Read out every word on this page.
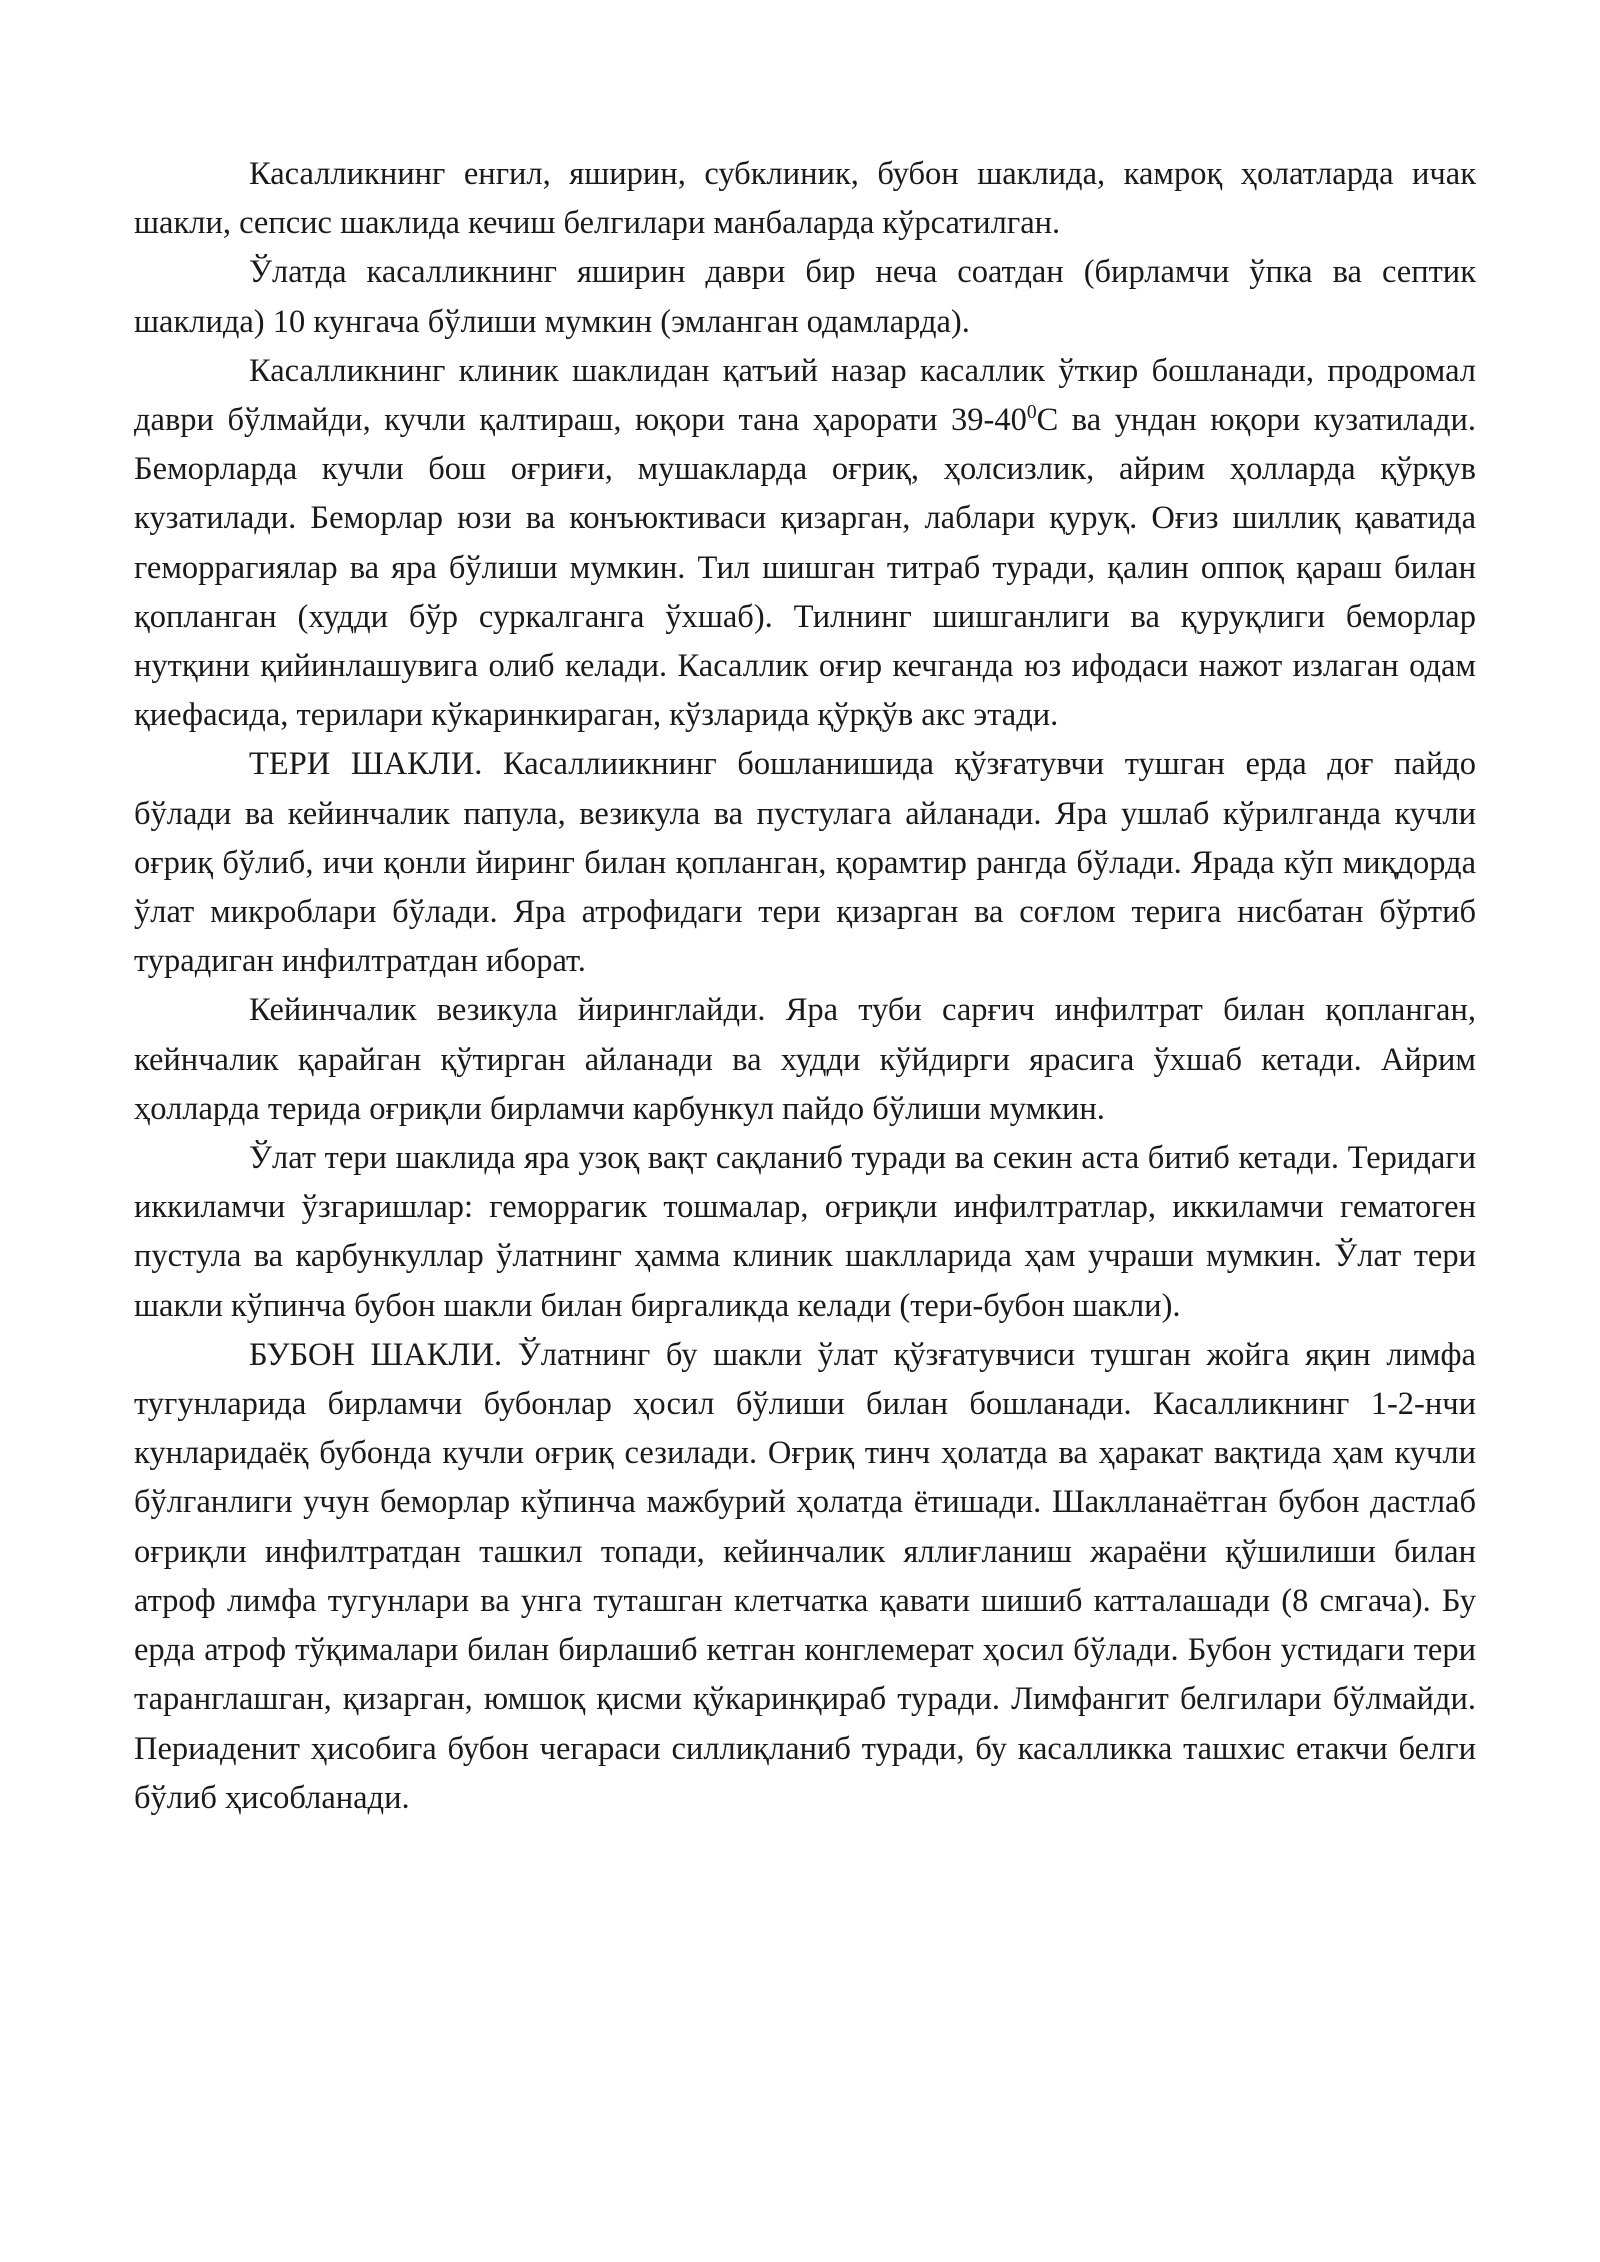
Касалликнинг енгил, яширин, субклиник, бубон шаклида, камроқ ҳолатларда ичак шакли, сепсис шаклида кечиш белгилари манбаларда кўрсатилган.

Ўлатда касалликнинг яширин даври бир неча соатдан (бирламчи ўпка ва септик шаклида) 10 кунгача бўлиши мумкин (эмланган одамларда).

Касалликнинг клиник шаклидан қатъий назар касаллик ўткир бошланади, продромал даври бўлмайди, кучли қалтираш, юқори тана ҳарорати $39-40^0С$ ва ундан юқори кузатилади. Беморларда кучли бош оғриғи, мушакларда оғриқ, ҳолсизлик, айрим ҳолларда қўрқув кузатилади. Беморлар юзи ва конъюктиваси қизарган, лаблари қуруқ. Оғиз шиллиқ қаватида геморрагиялар ва яра бўлиши мумкин. Тил шишган титраб туради, қалин оппоқ қараш билан қопланган (худди бўр суркалганга ўхшаб). Тилнинг шишганлиги ва қуруқлиги беморлар нутқини қийинлашувига олиб келади. Касаллик оғир кечганда юз ифодаси нажот излаган одам қиефасида, терилари кўкаринкираган, кўзларида қўрқўв акс этади.

ТЕРИ ШАКЛИ. Касаллиикнинг бошланишида қўзғатувчи тушган ерда доғ пайдо бўлади ва кейинчалик папула, везикула ва пустулага айланади. Яра ушлаб кўрилганда кучли оғриқ бўлиб, ичи қонли йиринг билан қопланган, қорамтир рангда бўлади. Ярада кўп миқдорда ўлат микроблари бўлади. Яра атрофидаги тери қизарган ва соғлом терига нисбатан бўртиб турадиган инфилтратдан иборат.

Кейинчалик везикула йиринглайди. Яра туби сарғич инфилтрат билан қопланган, кейнчалик қарайган қўтирган айланади ва худди кўйдирги ярасига ўхшаб кетади. Айрим ҳолларда терида оғриқли бирламчи карбункул пайдо бўлиши мумкин.

Ўлат тери шаклида яра узоқ вақт сақланиб туради ва секин аста битиб кетади. Теридаги иккиламчи ўзгаришлар: геморрагик тошмалар, оғриқли инфилтратлар, иккиламчи гематоген пустула ва карбункуллар ўлатнинг ҳамма клиник шаклларида ҳам учраши мумкин. Ўлат тери шакли кўпинча бубон шакли билан биргаликда келади (тери-бубон шакли).

БУБОН ШАКЛИ. Ўлатнинг бу шакли ўлат қўзғатувчиси тушган жойга яқин лимфа тугунларида бирламчи бубонлар ҳосил бўлиши билан бошланади. Касалликнинг 1-2-нчи кунларидаёқ бубонда кучли оғриқ сезилади. Оғриқ тинч ҳолатда ва ҳаракат вақтида ҳам кучли бўлганлиги учун беморлар кўпинча мажбурий ҳолатда ётишади. Шаклланаётган бубон дастлаб оғриқли инфилтратдан ташкил топади, кейинчалик яллиғланиш жараёни қўшилиши билан атроф лимфа тугунлари ва унга туташган клетчатка қавати шишиб катталашади (8 смгача). Бу ерда атроф тўқималари билан бирлашиб кетган конглемерат ҳосил бўлади. Бубон устидаги тери таранглашган, қизарган, юмшоқ қисми қўкаринқираб туради. Лимфангит белгилари бўлмайди. Периаденит ҳисобига бубон чегараси силлиқланиб туради, бу касалликка ташхис етакчи белги бўлиб ҳисобланади.
